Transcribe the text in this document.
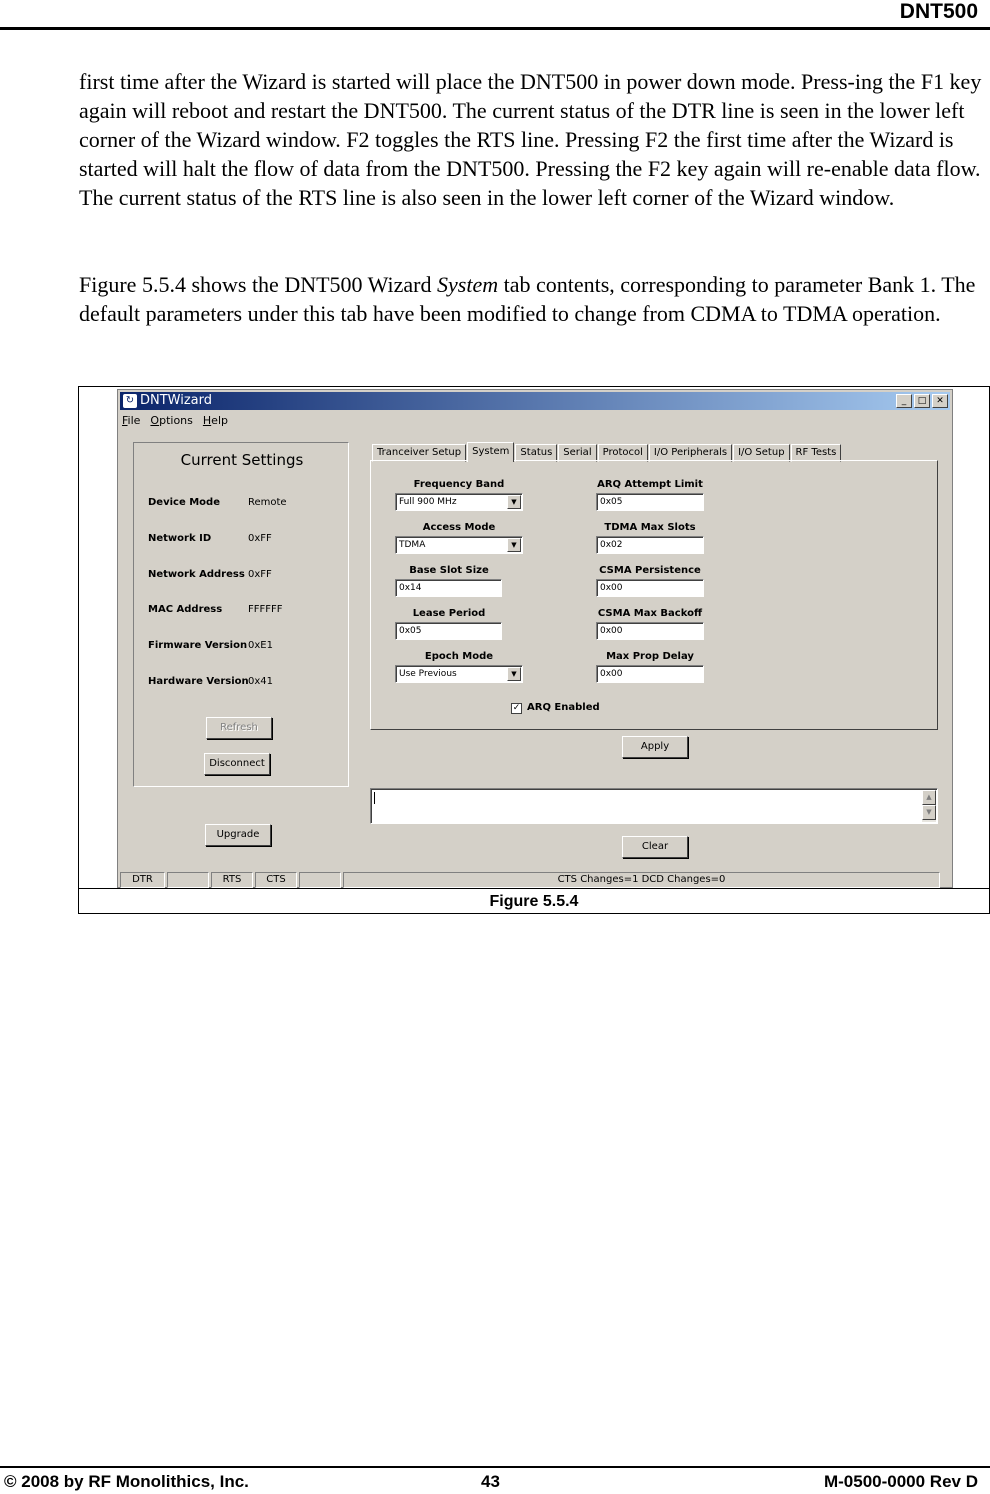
DNT500
first time after the Wizard is started will place the DNT500 in power down mode. Press-ing the F1 key again will reboot and restart the DNT500. The current status of the DTR line is seen in the lower left corner of the Wizard window. F2 toggles the RTS line. Pressing F2 the first time after the Wizard is started will halt the flow of data from the DNT500. Pressing the F2 key again will re-enable data flow. The current status of the RTS line is also seen in the lower left corner of the Wizard window.
Figure 5.5.4 shows the DNT500 Wizard System tab contents, corresponding to parameter Bank 1. The default parameters under this tab have been modified to change from CDMA to TDMA operation.
↻ DNTWizard	_	□	✕
File Options Help
Current Settings
Device Mode	Remote
Network ID	0xFF
Network Address 0xFF
MAC Address	FFFFFF
Firmware Version 0xE1
Hardware Version 0x41
Refresh
Disconnect
Upgrade
Tranceiver Setup	System	Status	Serial	Protocol	I/O Peripherals	I/O Setup	RF Tests
Frequency Band
Full 900 MHz	▼
Access Mode
TDMA	▼
Base Slot Size
0x14
Lease Period
0x05
Epoch Mode
Use Previous	▼
ARQ Attempt Limit
0x05
TDMA Max Slots
0x02
CSMA Persistence
0x00
CSMA Max Backoff
0x00
Max Prop Delay
0x00
✓ ARQ Enabled
Apply
▲
▼
Clear
DTR	RTS	CTS	CTS Changes=1 DCD Changes=0
Figure 5.5.4
© 2008 by RF Monolithics, Inc.	43	M-0500-0000 Rev D
